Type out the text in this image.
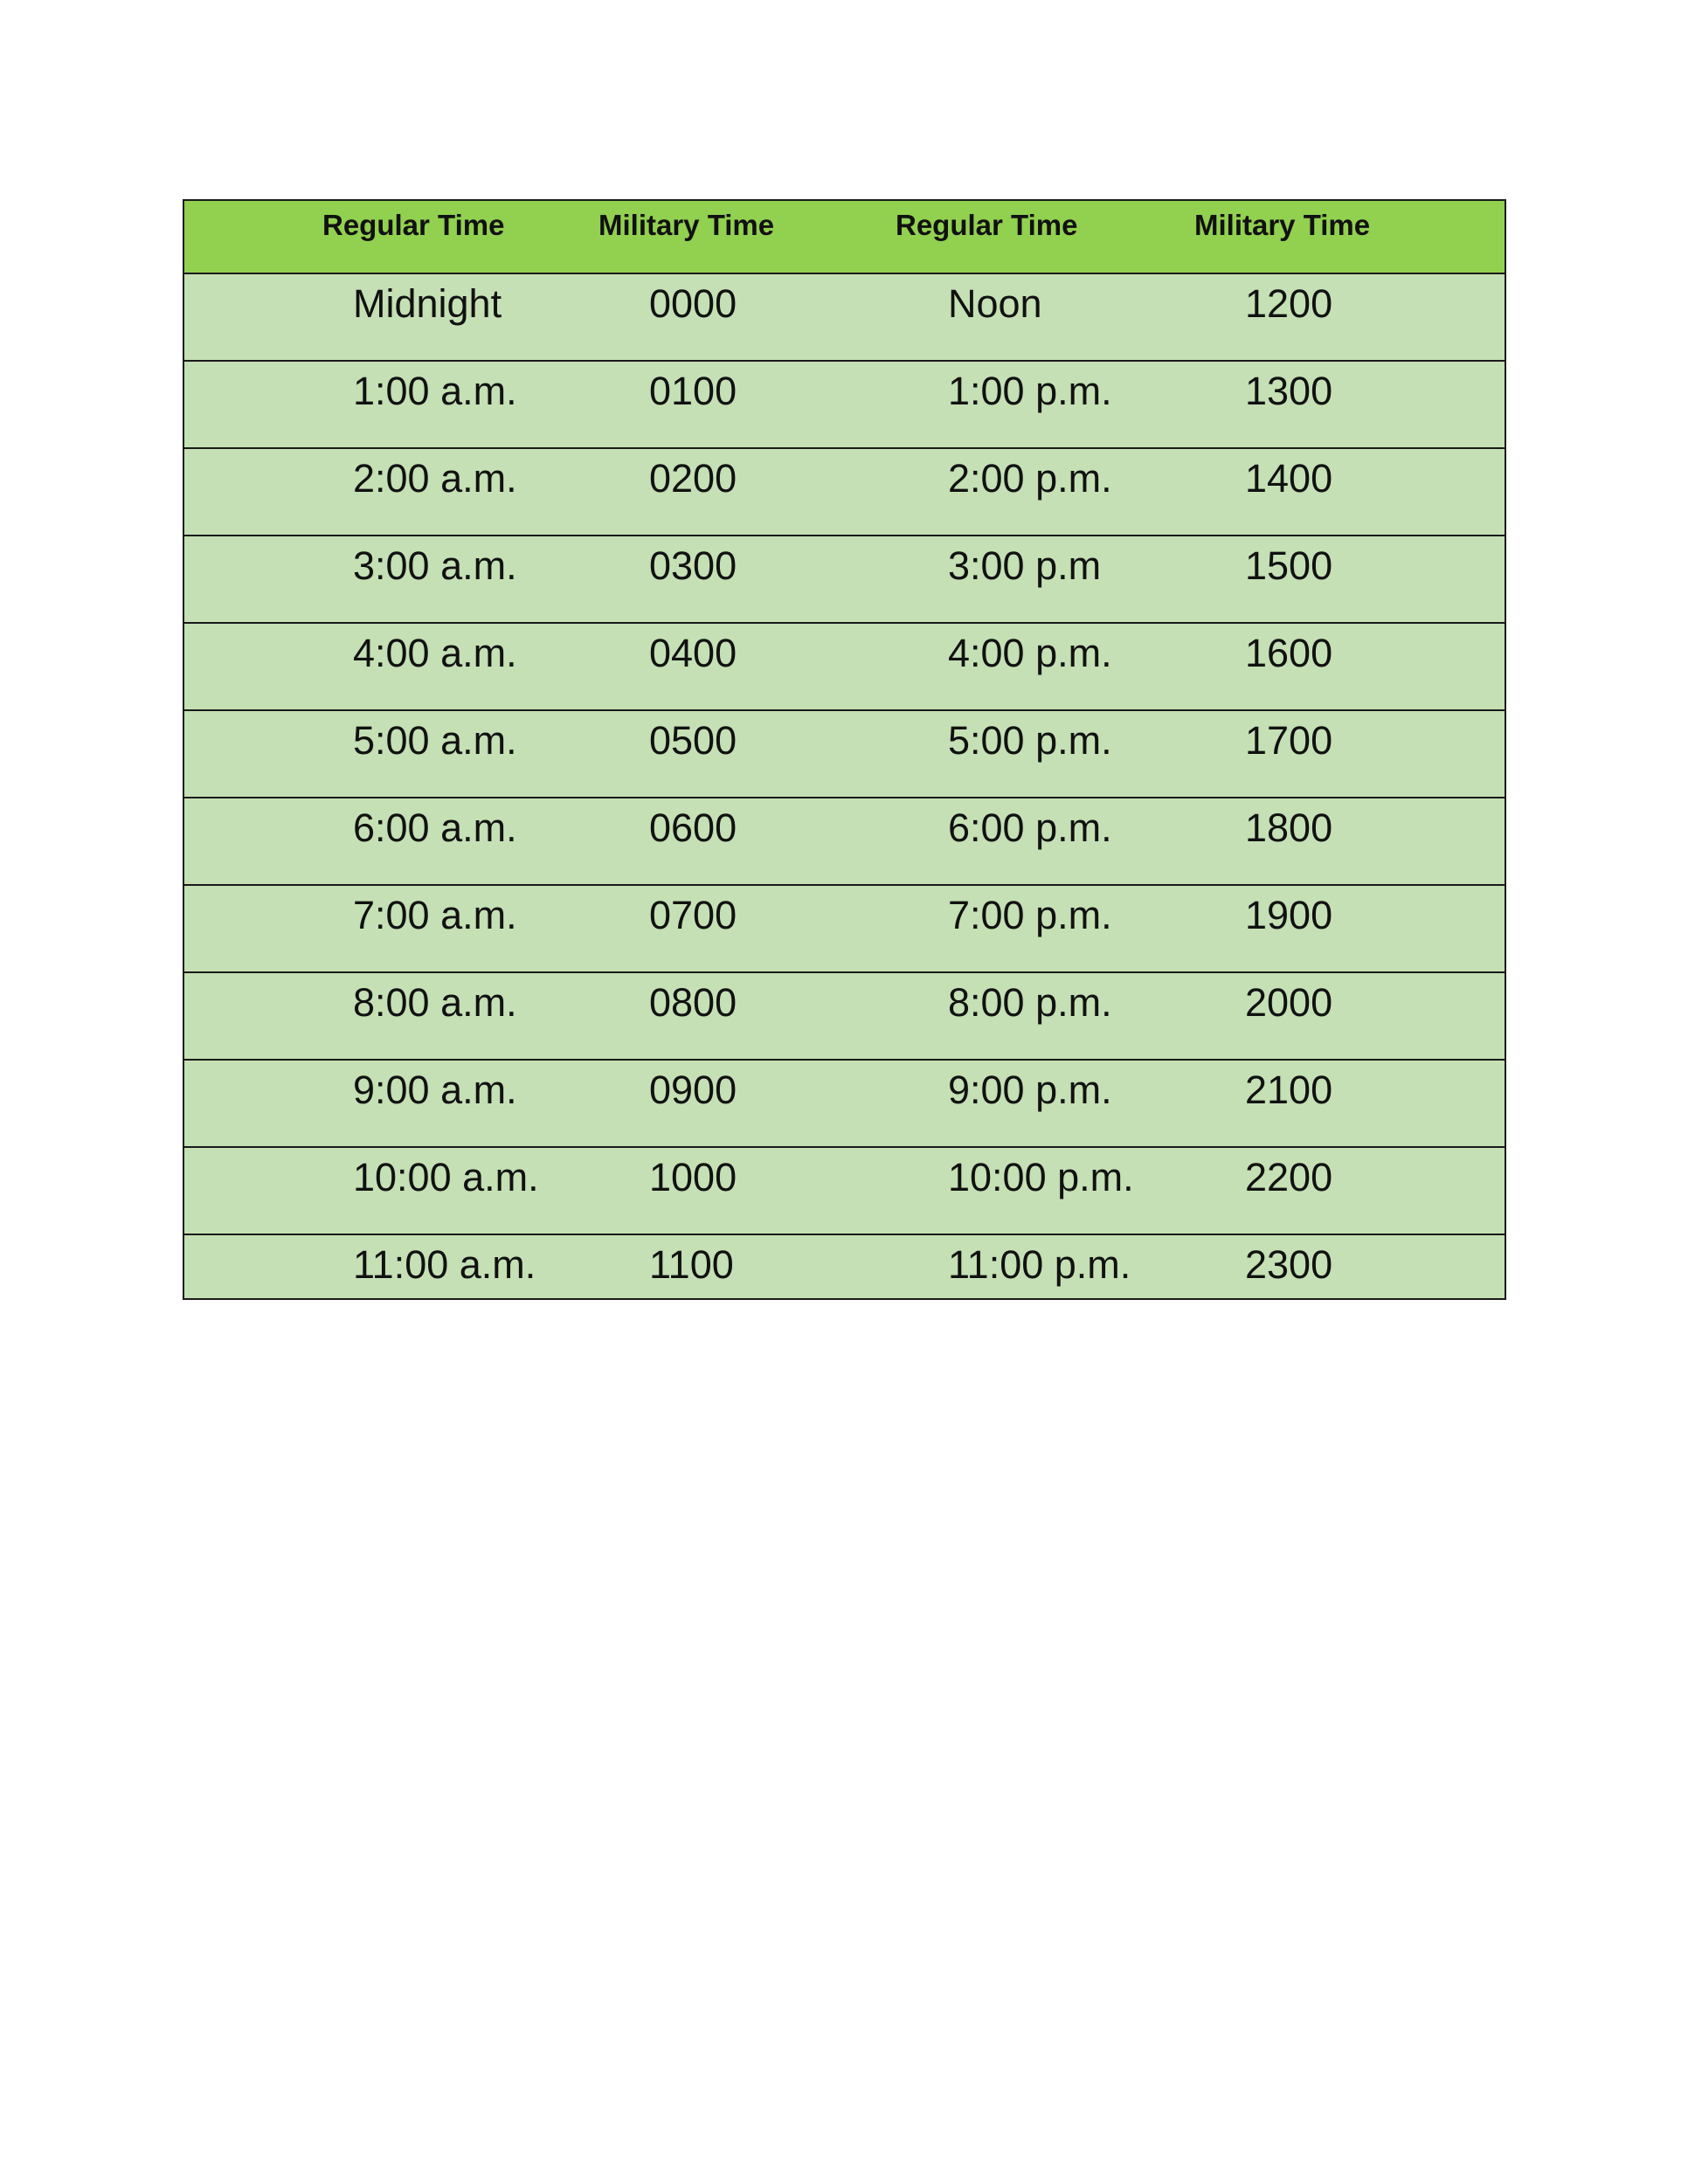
Regular Time	Military Time	Regular Time	Military Time
Midnight	0000	Noon	1200
1:00 a.m.	0100	1:00 p.m.	1300
2:00 a.m.	0200	2:00 p.m.	1400
3:00 a.m.	0300	3:00 p.m	1500
4:00 a.m.	0400	4:00 p.m.	1600
5:00 a.m.	0500	5:00 p.m.	1700
6:00 a.m.	0600	6:00 p.m.	1800
7:00 a.m.	0700	7:00 p.m.	1900
8:00 a.m.	0800	8:00 p.m.	2000
9:00 a.m.	0900	9:00 p.m.	2100
10:00 a.m.	1000	10:00 p.m.	2200
11:00 a.m.	1100	11:00 p.m.	2300
